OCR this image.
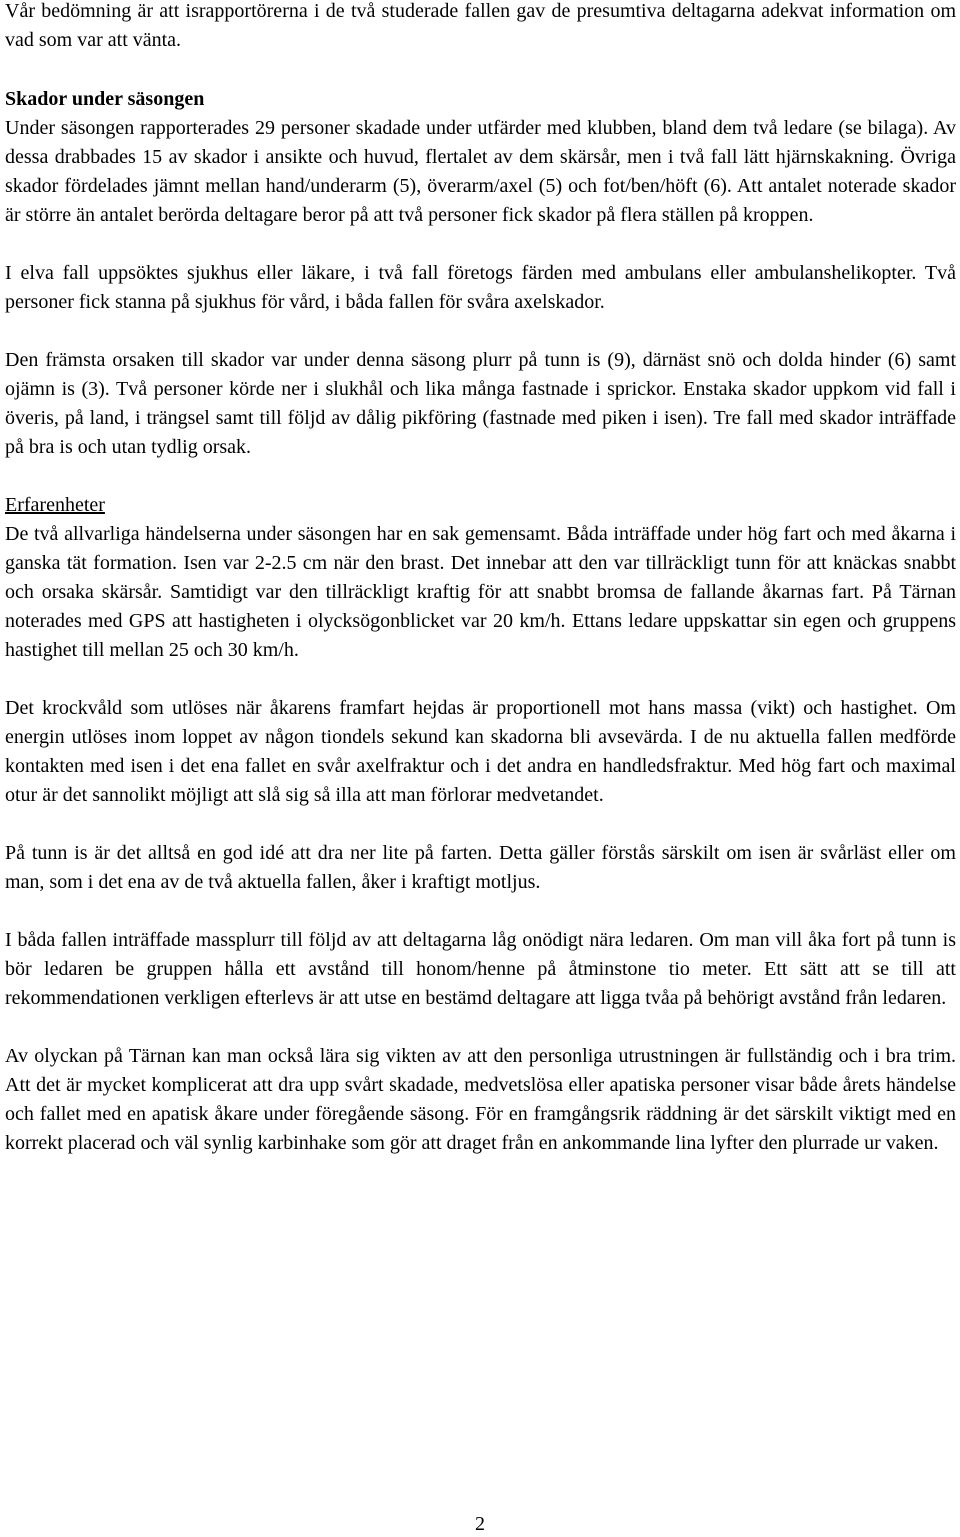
Vår bedömning är att israpportörerna i de två studerade fallen gav de presumtiva deltagarna adekvat information om vad som var att vänta.

Skador under säsongen

Under säsongen rapporterades 29 personer skadade under utfärder med klubben, bland dem två ledare (se bilaga). Av dessa drabbades 15 av skador i ansikte och huvud, flertalet av dem skärsår, men i två fall lätt hjärnskakning. Övriga skador fördelades jämnt mellan hand/underarm (5), överarm/axel (5) och fot/ben/höft (6). Att antalet noterade skador är större än antalet berörda deltagare beror på att två personer fick skador på flera ställen på kroppen.

I elva fall uppsöktes sjukhus eller läkare, i två fall företogs färden med ambulans eller ambulanshelikopter. Två personer fick stanna på sjukhus för vård, i båda fallen för svåra axelskador.

Den främsta orsaken till skador var under denna säsong plurr på tunn is (9), därnäst snö och dolda hinder (6) samt ojämn is (3). Två personer körde ner i slukhål och lika många fastnade i sprickor. Enstaka skador uppkom vid fall i överis, på land, i trängsel samt till följd av dålig pikföring (fastnade med piken i isen). Tre fall med skador inträffade på bra is och utan tydlig orsak.

Erfarenheter

De två allvarliga händelserna under säsongen har en sak gemensamt. Båda inträffade under hög fart och med åkarna i ganska tät formation. Isen var 2-2.5 cm när den brast. Det innebar att den var tillräckligt tunn för att knäckas snabbt och orsaka skärsår. Samtidigt var den tillräckligt kraftig för att snabbt bromsa de fallande åkarnas fart. På Tärnan noterades med GPS att hastigheten i olycksögonblicket var 20 km/h. Ettans ledare uppskattar sin egen och gruppens hastighet till mellan 25 och 30 km/h.

Det krockvåld som utlöses när åkarens framfart hejdas är proportionell mot hans massa (vikt) och hastighet. Om energin utlöses inom loppet av någon tiondels sekund kan skadorna bli avsevärda. I de nu aktuella fallen medförde kontakten med isen i det ena fallet en svår axelfraktur och i det andra en handledsfraktur. Med hög fart och maximal otur är det sannolikt möjligt att slå sig så illa att man förlorar medvetandet.

På tunn is är det alltså en god idé att dra ner lite på farten. Detta gäller förstås särskilt om isen är svårläst eller om man, som i det ena av de två aktuella fallen, åker i kraftigt motljus.

I båda fallen inträffade massplurr till följd av att deltagarna låg onödigt nära ledaren. Om man vill åka fort på tunn is bör ledaren be gruppen hålla ett avstånd till honom/henne på åtminstone tio meter. Ett sätt att se till att rekommendationen verkligen efterlevs är att utse en bestämd deltagare att ligga tvåa på behörigt avstånd från ledaren.

Av olyckan på Tärnan kan man också lära sig vikten av att den personliga utrustningen är fullständig och i bra trim. Att det är mycket komplicerat att dra upp svårt skadade, medvetslösa eller apatiska personer visar både årets händelse och fallet med en apatisk åkare under föregående säsong. För en framgångsrik räddning är det särskilt viktigt med en korrekt placerad och väl synlig karbinhake som gör att draget från en ankommande lina lyfter den plurrade ur vaken.

2
